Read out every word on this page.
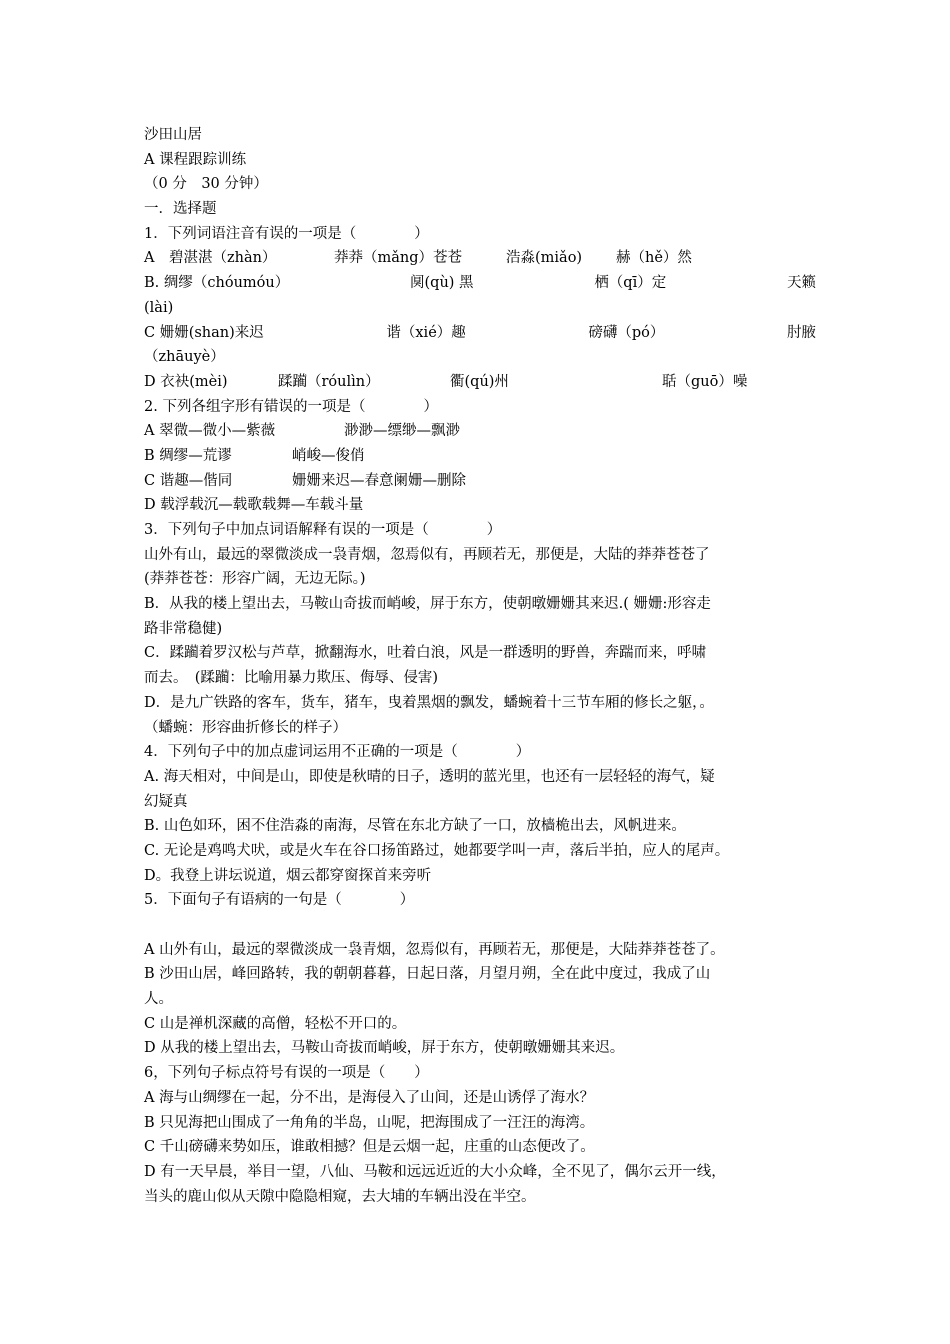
沙田山居
A 课程跟踪训练
（0 分　30 分钟）
一．选择题
1．下列词语注音有误的一项是（　　　　）
A　碧湛湛（zhàn）	莽莽（mǎng）苍苍	浩淼(miǎo) 赫（hě）然
B. 绸缪（chóumóu）	阒(qù) 黑	栖（qī）定	天籁
(lài)
C 姗姗(shan)来迟	谐（xié）趣	磅礴（pó）	肘腋
（zhāuyè）
D 衣袂(mèi)	蹂躏（róulìn）	衢(qú)州	聒（guō）噪
2. 下列各组字形有错误的一项是（　　　　）
A 翠微—微小—紫薇	渺渺—缥缈—飘渺
B 绸缪—荒谬	峭峻—俊俏
C 谐趣—偕同	姗姗来迟—春意阑姗—删除
D 载浮载沉—载歌载舞—车载斗量
3．下列句子中加点词语解释有误的一项是（　　　　）
山外有山，最远的翠微淡成一袅青烟，忽焉似有，再顾若无，那便是，大陆的莽莽苍苍了
(莽莽苍苍：形容广阔，无边无际。)
B．从我的楼上望出去，马鞍山奇拔而峭峻，屏于东方，使朝暾姗姗其来迟.( 姗姗:形容走
路非常稳健)
C．蹂躏着罗汉松与芦草，掀翻海水，吐着白浪，风是一群透明的野兽，奔踹而来，呼啸
而去。　(蹂躏：比喻用暴力欺压、侮辱、侵害)
D．是九广铁路的客车，货车，猪车，曳着黑烟的飘发，蟠蜿着十三节车厢的修长之躯，。
（蟠蜿：形容曲折修长的样子）
4．下列句子中的加点虚词运用不正确的一项是（　　　　）
A. 海天相对，中间是山，即使是秋晴的日子，透明的蓝光里，也还有一层轻轻的海气，疑
幻疑真
B. 山色如环，困不住浩淼的南海，尽管在东北方缺了一口，放樯桅出去，风帆进来。
C. 无论是鸡鸣犬吠，或是火车在谷口扬笛路过，她都要学叫一声，落后半拍，应人的尾声。
D。我登上讲坛说道，烟云都穿窗探首来旁听
5．下面句子有语病的一句是（　　　　）
A 山外有山，最远的翠微淡成一袅青烟，忽焉似有，再顾若无，那便是，大陆莽莽苍苍了。
B 沙田山居，峰回路转，我的朝朝暮暮，日起日落，月望月朔，全在此中度过，我成了山
人。
C 山是禅机深藏的高僧，轻松不开口的。
D 从我的楼上望出去，马鞍山奇拔而峭峻，屏于东方，使朝暾姗姗其来迟。
6，下列句子标点符号有误的一项是（　　）
A 海与山绸缪在一起，分不出，是海侵入了山间，还是山诱俘了海水？
B 只见海把山围成了一角角的半岛，山呢，把海围成了一汪汪的海湾。
C 千山磅礴来势如压，谁敢相撼？但是云烟一起，庄重的山态便改了。
D 有一天早晨，举目一望，八仙、马鞍和远远近近的大小众峰，全不见了，偶尔云开一线，
当头的鹿山似从天隙中隐隐相窥，去大埔的车辆出没在半空。
